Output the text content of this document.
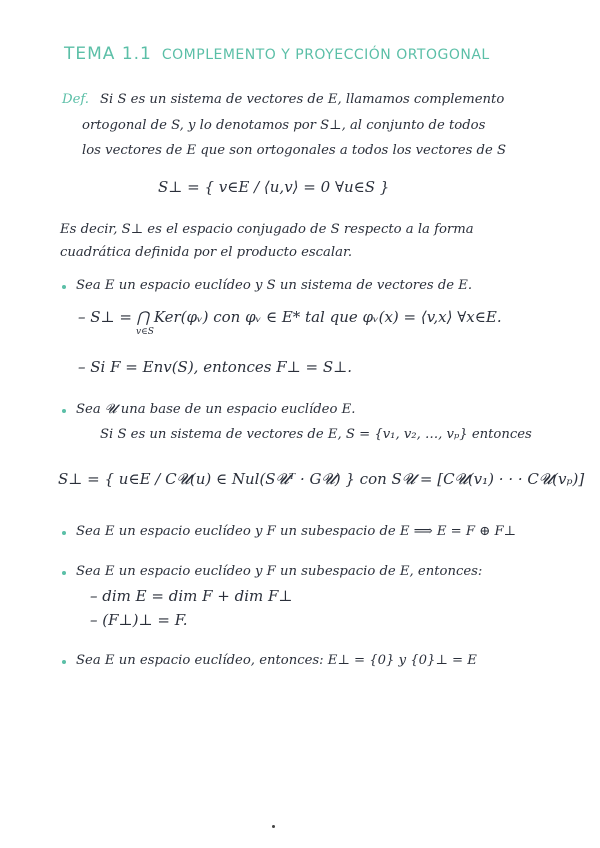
TEMA 1.1 COMPLEMENTO Y PROYECCIÓN ORTOGONAL
Def. Si S es un sistema de vectores de E, llamamos complemento
ortogonal de S, y lo denotamos por S⊥, al conjunto de todos
los vectores de E que son ortogonales a todos los vectores de S
S⊥ = { v∈E / ⟨u,v⟩ = 0 ∀u∈S }
Es decir, S⊥ es el espacio conjugado de S respecto a la forma
cuadrática definida por el producto escalar.
Sea E un espacio euclídeo y S un sistema de vectores de E.
– S⊥ = ⋂ Ker(φᵥ) con φᵥ ∈ E* tal que φᵥ(x) = ⟨v,x⟩ ∀x∈E.
v∈S
– Si F = Env(S), entonces F⊥ = S⊥.
Sea 𝓤 una base de un espacio euclídeo E.
Si S es un sistema de vectores de E, S = {v₁, v₂, …, vₚ} entonces
S⊥ = { u∈E / C𝓤(u) ∈ Nul(S𝓤ᵀ · G𝓤) } con S𝓤 = [C𝓤(v₁) · · · C𝓤(vₚ)]
Sea E un espacio euclídeo y F un subespacio de E ⟹ E = F ⊕ F⊥
Sea E un espacio euclídeo y F un subespacio de E, entonces:
– dim E = dim F + dim F⊥
– (F⊥)⊥ = F.
Sea E un espacio euclídeo, entonces: E⊥ = {0} y {0}⊥ = E
